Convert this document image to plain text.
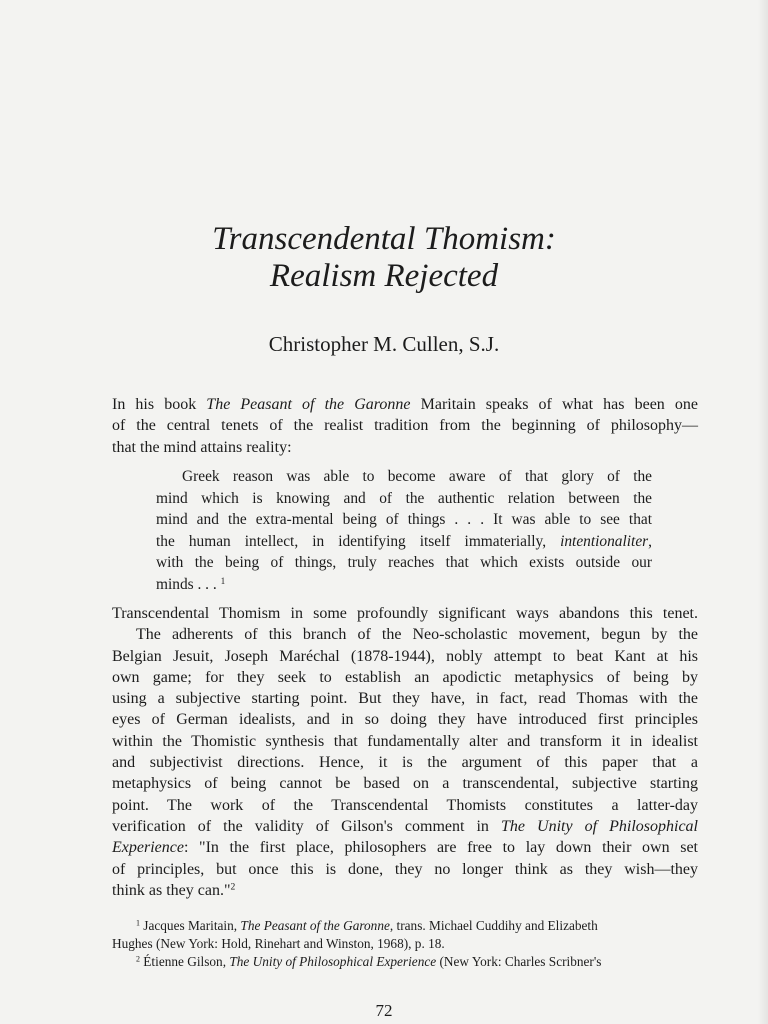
Transcendental Thomism:
Realism Rejected
Christopher M. Cullen, S.J.
In his book The Peasant of the Garonne Maritain speaks of what has been one
of the central tenets of the realist tradition from the beginning of philosophy—
that the mind attains reality:
Greek reason was able to become aware of that glory of the
mind which is knowing and of the authentic relation between the
mind and the extra-mental being of things . . . It was able to see that
the human intellect, in identifying itself immaterially, intentionaliter,
with the being of things, truly reaches that which exists outside our
minds . . . $^1$
Transcendental Thomism in some profoundly significant ways abandons this tenet.
The adherents of this branch of the Neo-scholastic movement, begun by the
Belgian Jesuit, Joseph Maréchal (1878-1944), nobly attempt to beat Kant at his
own game; for they seek to establish an apodictic metaphysics of being by
using a subjective starting point. But they have, in fact, read Thomas with the
eyes of German idealists, and in so doing they have introduced first principles
within the Thomistic synthesis that fundamentally alter and transform it in idealist
and subjectivist directions. Hence, it is the argument of this paper that a
metaphysics of being cannot be based on a transcendental, subjective starting
point. The work of the Transcendental Thomists constitutes a latter-day
verification of the validity of Gilson's comment in The Unity of Philosophical
Experience: "In the first place, philosophers are free to lay down their own set
of principles, but once this is done, they no longer think as they wish—they
think as they can."$^2$
$^1$ Jacques Maritain, The Peasant of the Garonne, trans. Michael Cuddihy and Elizabeth
Hughes (New York: Hold, Rinehart and Winston, 1968), p. 18.
$^2$ Étienne Gilson, The Unity of Philosophical Experience (New York: Charles Scribner's
72
